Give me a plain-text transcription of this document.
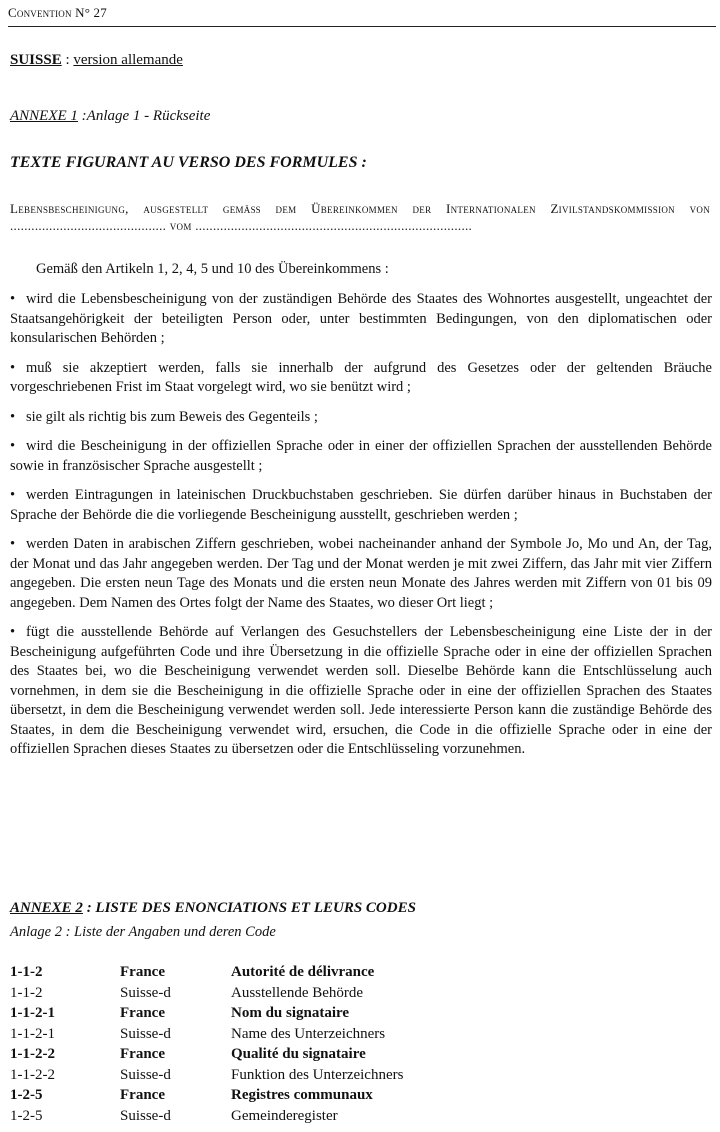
Convention N° 27
SUISSE : version allemande
ANNEXE 1 :Anlage 1 - Rückseite
TEXTE FIGURANT AU VERSO DES FORMULES :
Lebensbescheinigung, ausgestellt gemäß dem Übereinkommen der Internationalen Zivilstandskommission von ............................................ vom ..............................................................................
Gemäß den Artikeln 1, 2, 4, 5 und 10 des Übereinkommens :

• wird die Lebensbescheinigung von der zuständigen Behörde des Staates des Wohnortes ausgestellt, ungeachtet der Staatsangehörigkeit der beteiligten Person oder, unter bestimmten Bedingungen, von den diplomatischen oder konsularischen Behörden ;

• muß sie akzeptiert werden, falls sie innerhalb der aufgrund des Gesetzes oder der geltenden Bräuche vorgeschriebenen Frist im Staat vorgelegt wird, wo sie benützt wird ;

• sie gilt als richtig bis zum Beweis des Gegenteils ;

• wird die Bescheinigung in der offiziellen Sprache oder in einer der offiziellen Sprachen der ausstellenden Behörde sowie in französischer Sprache ausgestellt ;

• werden Eintragungen in lateinischen Druckbuchstaben geschrieben. Sie dürfen darüber hinaus in Buchstaben der Sprache der Behörde die die vorliegende Bescheinigung ausstellt, geschrieben werden ;

• werden Daten in arabischen Ziffern geschrieben, wobei nacheinander anhand der Symbole Jo, Mo und An, der Tag, der Monat und das Jahr angegeben werden. Der Tag und der Monat werden je mit zwei Ziffern, das Jahr mit vier Ziffern angegeben. Die ersten neun Tage des Monats und die ersten neun Monate des Jahres werden mit Ziffern von 01 bis 09 angegeben. Dem Namen des Ortes folgt der Name des Staates, wo dieser Ort liegt ;

• fügt die ausstellende Behörde auf Verlangen des Gesuchstellers der Lebensbescheinigung eine Liste der in der Bescheinigung aufgeführten Code und ihre Übersetzung in die offizielle Sprache oder in eine der offiziellen Sprachen des Staates bei, wo die Bescheinigung verwendet werden soll. Dieselbe Behörde kann die Entschlüsselung auch vornehmen, in dem sie die Bescheinigung in die offizielle Sprache oder in eine der offiziellen Sprachen des Staates übersetzt, in dem die Bescheinigung verwendet werden soll. Jede interessierte Person kann die zuständige Behörde des Staates, in dem die Bescheinigung verwendet wird, ersuchen, die Code in die offizielle Sprache oder in eine der offiziellen Sprachen dieses Staates zu übersetzen oder die Entschlüsseling vorzunehmen.

ANNEXE 2 : LISTE DES ENONCIATIONS ET LEURS CODES
Anlage 2 : Liste der Angaben und deren Code
1-1-2	France	Autorité de délivrance
1-1-2	Suisse-d	Ausstellende Behörde
1-1-2-1	France	Nom du signataire
1-1-2-1	Suisse-d	Name des Unterzeichners
1-1-2-2	France	Qualité du signataire
1-1-2-2	Suisse-d	Funktion des Unterzeichners
1-2-5	France	Registres communaux
1-2-5	Suisse-d	Gemeinderegister
